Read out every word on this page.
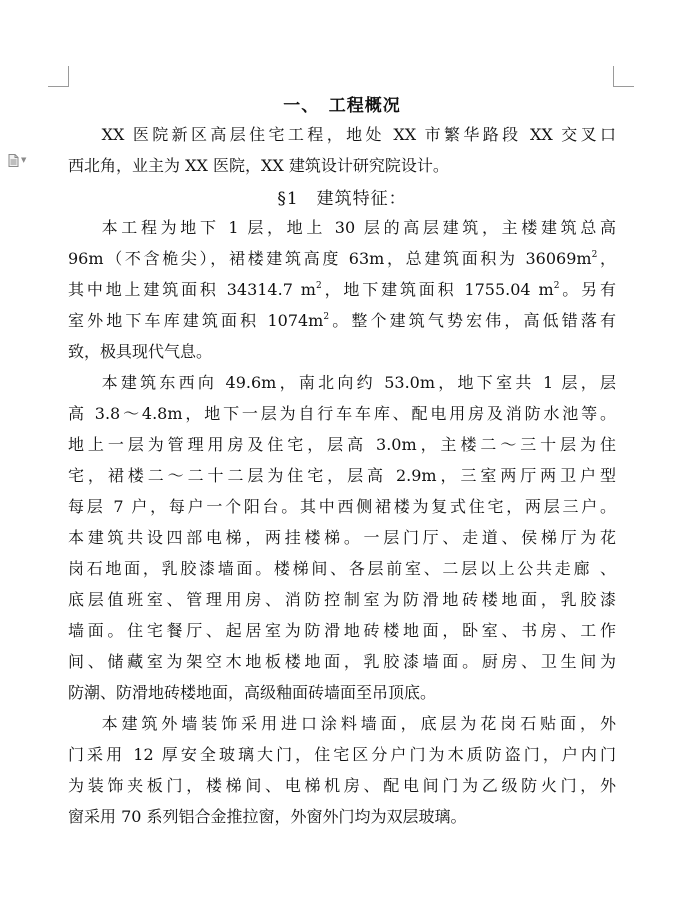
▼
一、　工程概况
XX 医院新区高层住宅工程，地处 XX 市繁华路段 XX 交叉口
西北角，业主为 XX 医院，XX 建筑设计研究院设计。
§1　建筑特征：
本工程为地下 1 层，地上 30 层的高层建筑，主楼建筑总高
96m（不含桅尖），裙楼建筑高度 63m，总建筑面积为 $36069m^2$，
其中地上建筑面积 34314.7 $m^2$，地下建筑面积 1755.04 $m^2$。另有
室外地下车库建筑面积 $1074m^2$。整个建筑气势宏伟，高低错落有
致，极具现代气息。
本建筑东西向 49.6m，南北向约 53.0m，地下室共 1 层，层
高 3.8～4.8m，地下一层为自行车车库、配电用房及消防水池等。
地上一层为管理用房及住宅，层高 3.0m，主楼二～三十层为住
宅，裙楼二～二十二层为住宅，层高 2.9m，三室两厅两卫户型
每层 7 户，每户一个阳台。其中西侧裙楼为复式住宅，两层三户。
本建筑共设四部电梯，两挂楼梯。一层门厅、走道、侯梯厅为花
岗石地面，乳胶漆墙面。楼梯间、各层前室、二层以上公共走廊 、
底层值班室、管理用房、消防控制室为防滑地砖楼地面，乳胶漆
墙面。住宅餐厅、起居室为防滑地砖楼地面，卧室、书房、工作
间、储藏室为架空木地板楼地面，乳胶漆墙面。厨房、卫生间为
防潮、防滑地砖楼地面，高级釉面砖墙面至吊顶底。
本建筑外墙装饰采用进口涂料墙面，底层为花岗石贴面，外
门采用 12 厚安全玻璃大门，住宅区分户门为木质防盗门，户内门
为装饰夹板门，楼梯间、电梯机房、配电间门为乙级防火门，外
窗采用 70 系列铝合金推拉窗，外窗外门均为双层玻璃。
